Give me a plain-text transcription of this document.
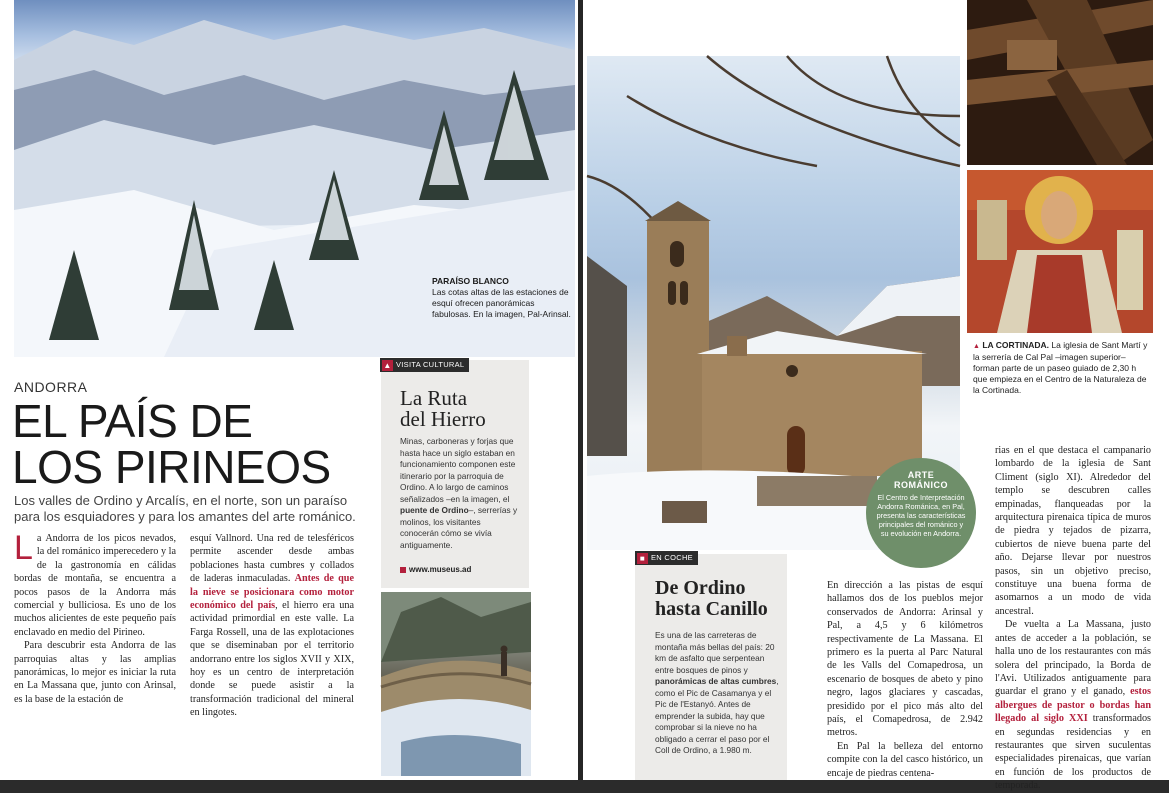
PARAÍSO BLANCO
Las cotas altas de las estaciones de esquí ofrecen panorámicas fabulosas. En la imagen, Pal-Arinsal.
ANDORRA
EL PAÍS DE
LOS PIRINEOS
Los valles de Ordino y Arcalís, en el norte, son un paraíso para los esquiadores y para los amantes del arte románico.

La Andorra de los picos nevados, la del románico imperecedero y la de la gastronomía en cálidas bordas de montaña, se encuentra a pocos pasos de la Andorra más comercial y bulliciosa. Es uno de los muchos alicientes de este pequeño país enclavado en medio del Pirineo.

Para descubrir esta Andorra de las parroquias altas y las amplias panorámicas, lo mejor es iniciar la ruta en La Massana que, junto con Arinsal, es la base de la estación de

esquí Vallnord. Una red de telesféricos permite ascender desde ambas poblaciones hasta cumbres y collados de laderas inmaculadas. Antes de que la nieve se posicionara como motor económico del país, el hierro era una actividad primordial en este valle. La Farga Rossell, una de las explotaciones que se diseminaban por el territorio andorrano entre los siglos XVII y XIX, hoy es un centro de interpretación donde se puede asistir a la transformación tradicional del mineral en lingotes.

▲ VISITA CULTURAL
La Ruta
del Hierro
Minas, carboneras y forjas que hasta hace un siglo estaban en funcionamiento componen este itinerario por la parroquia de Ordino. A lo largo de caminos señalizados –en la imagen, el puente de Ordino–, serrerías y molinos, los visitantes conocerán cómo se vivía antiguamente.
www.museus.ad
▲ LA CORTINADA. La iglesia de Sant Martí y la serrería de Cal Pal –imagen superior– forman parte de un paseo guiado de 2,30 h que empieza en el Centro de la Naturaleza de la Cortinada.
ARTE
ROMÁNICO
El Centro de Interpretación Andorra Románica, en Pal, presenta las características principales del románico y su evolución en Andorra.
■ EN COCHE
De Ordino
hasta Canillo
Es una de las carreteras de montaña más bellas del país: 20 km de asfalto que serpentean entre bosques de pinos y panorámicas de altas cumbres, como el Pic de Casamanya y el Pic de l'Estanyó. Antes de emprender la subida, hay que comprobar si la nieve no ha obligado a cerrar el paso por el Coll de Ordino, a 1.980 m.

En dirección a las pistas de esquí hallamos dos de los pueblos mejor conservados de Andorra: Arinsal y Pal, a 4,5 y 6 kilómetros respectivamente de La Massana. El primero es la puerta al Parc Natural de les Valls del Comapedrosa, un escenario de bosques de abeto y pino negro, lagos glaciares y cascadas, presidido por el pico más alto del país, el Comapedrosa, de 2.942 metros.

En Pal la belleza del entorno compite con la del casco histórico, un encaje de piedras centena-

rias en el que destaca el campanario lombardo de la iglesia de Sant Climent (siglo XI). Alrededor del templo se descubren calles empinadas, flanqueadas por la arquitectura pirenaica típica de muros de piedra y tejados de pizarra, cubiertos de nieve buena parte del año. Dejarse llevar por nuestros pasos, sin un objetivo preciso, constituye una buena forma de asomarnos a un modo de vida ancestral.

De vuelta a La Massana, justo antes de acceder a la población, se halla uno de los restaurantes con más solera del principado, la Borda de l'Avi. Utilizados antiguamente para guardar el grano y el ganado, estos albergues de pastor o bordas han llegado al siglo XXI transformados en segundas residencias y en restaurantes que sirven suculentas especialidades pirenaicas, que varían en función de los productos de temporada.
